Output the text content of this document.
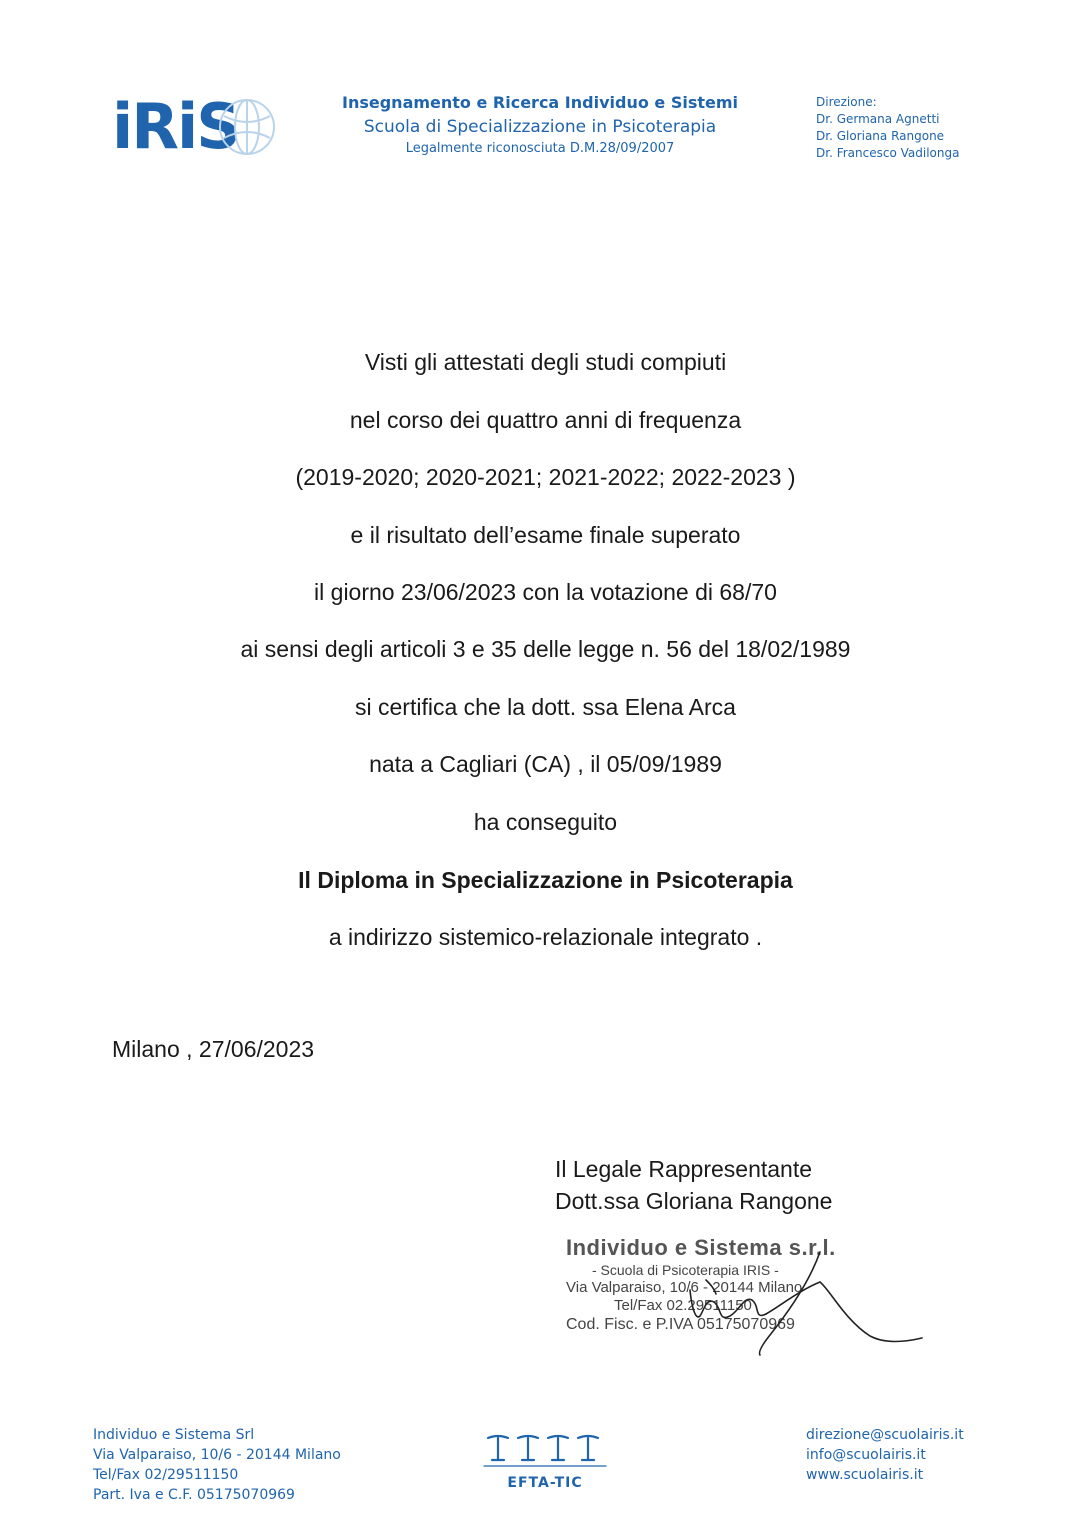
iRiS	Insegnamento e Ricerca Individuo e Sistemi
Scuola di Specializzazione in Psicoterapia
Legalmente riconosciuta D.M.28/09/2007
Direzione:
Dr. Germana Agnetti
Dr. Gloriana Rangone
Dr. Francesco Vadilonga
Visti gli attestati degli studi compiuti
nel corso dei quattro anni di frequenza
(2019-2020; 2020-2021; 2021-2022; 2022-2023 )
e il risultato dell’esame finale superato
il giorno 23/06/2023 con la votazione di 68/70
ai sensi degli articoli 3 e 35 delle legge n. 56 del 18/02/1989
si certifica che la dott. ssa Elena Arca
nata a Cagliari (CA) , il 05/09/1989
ha conseguito
Il Diploma in Specializzazione in Psicoterapia
a indirizzo sistemico-relazionale integrato .
Milano , 27/06/2023
Il Legale Rappresentante
Dott.ssa Gloriana Rangone
Individuo e Sistema s.r.l.
- Scuola di Psicoterapia IRIS -
Via Valparaiso, 10/6 - 20144 Milano
Tel/Fax 02.29511150
Cod. Fisc. e P.IVA 05175070969
Individuo e Sistema Srl
Via Valparaiso, 10/6 - 20144 Milano
Tel/Fax 02/29511150
Part. Iva e C.F. 05175070969
EFTA-TIC
direzione@scuolairis.it
info@scuolairis.it
www.scuolairis.it
